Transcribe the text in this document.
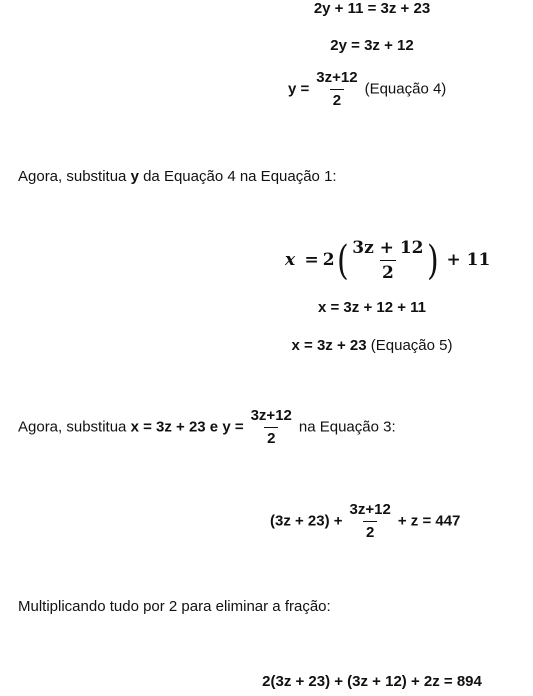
2y + 11 = 3z + 23
2y = 3z + 12
$y = \frac{3z+12}{2}$ (Equação 4)
Agora, substitua y da Equação 4 na Equação 1:
$x = 2( \frac{3z + 12}{2}$ ) + 11
x = 3z + 12 + 11
x = 3z + 23 (Equação 5)
Agora, substitua x = 3z + 23 e $y = \frac{3z+12}{2}$ na Equação 3:
$(3z + 23) + \frac{3z+12}{2} + z = 447$
Multiplicando tudo por 2 para eliminar a fração:
2(3z + 23) + (3z + 12) + 2z = 894
